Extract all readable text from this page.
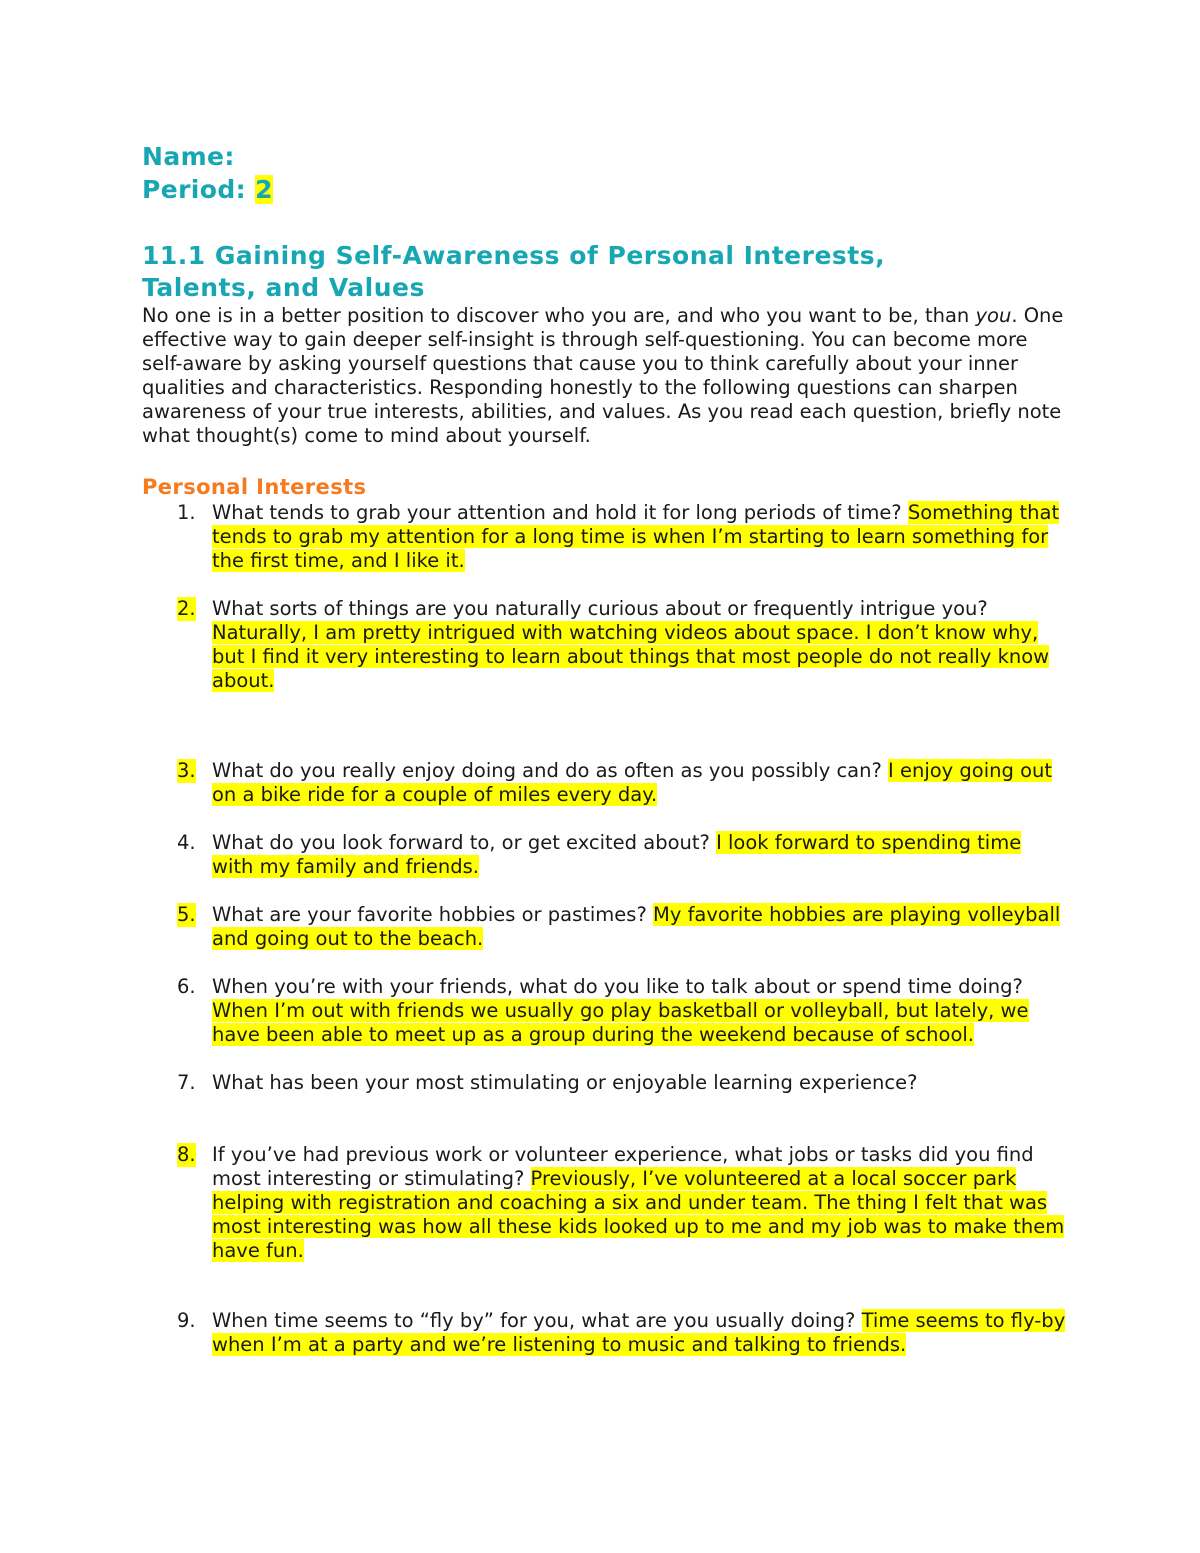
Name:
Period: 2
11.1 Gaining Self-Awareness of Personal Interests,
Talents, and Values

No one is in a better position to discover who you are, and who you want to be, than you. One effective way to gain deeper self-insight is through self-questioning. You can become more self-aware by asking yourself questions that cause you to think carefully about your inner qualities and characteristics. Responding honestly to the following questions can sharpen awareness of your true interests, abilities, and values. As you read each question, briefly note what thought(s) come to mind about yourself.

Personal Interests
1. What tends to grab your attention and hold it for long periods of time? Something that tends to grab my attention for a long time is when I’m starting to learn something for the first time, and I like it.
2. What sorts of things are you naturally curious about or frequently intrigue you? Naturally, I am pretty intrigued with watching videos about space. I don’t know why, but I find it very interesting to learn about things that most people do not really know about.
3. What do you really enjoy doing and do as often as you possibly can? I enjoy going out on a bike ride for a couple of miles every day.
4. What do you look forward to, or get excited about? I look forward to spending time with my family and friends.
5. What are your favorite hobbies or pastimes? My favorite hobbies are playing volleyball and going out to the beach.
6. When you’re with your friends, what do you like to talk about or spend time doing? When I’m out with friends we usually go play basketball or volleyball, but lately, we have been able to meet up as a group during the weekend because of school.
7. What has been your most stimulating or enjoyable learning experience?
8. If you’ve had previous work or volunteer experience, what jobs or tasks did you find most interesting or stimulating? Previously, I’ve volunteered at a local soccer park helping with registration and coaching a six and under team. The thing I felt that was most interesting was how all these kids looked up to me and my job was to make them have fun.
9. When time seems to “fly by” for you, what are you usually doing? Time seems to fly-by when I’m at a party and we’re listening to music and talking to friends.
